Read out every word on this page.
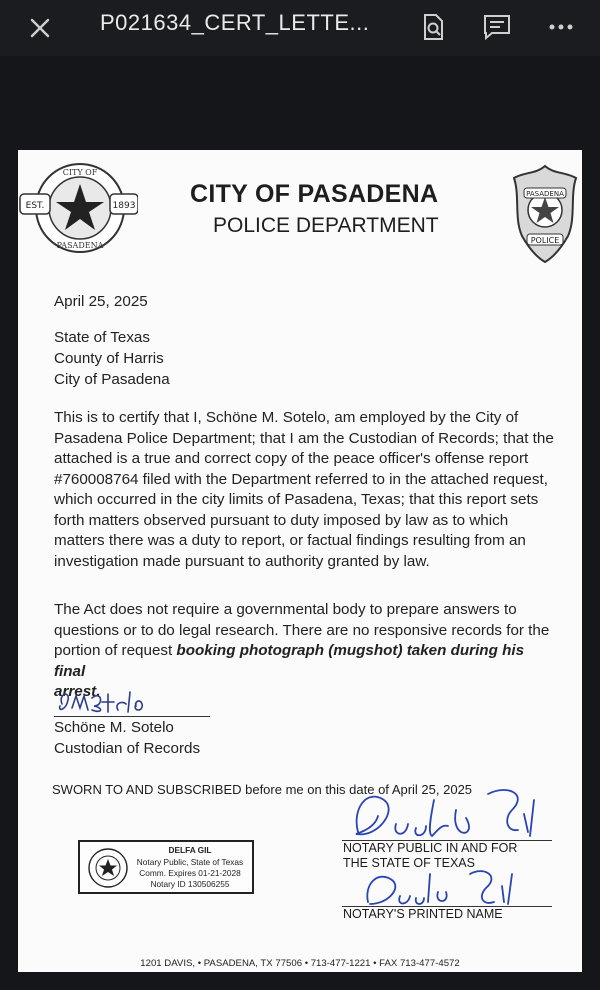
P021634_CERT_LETTE...
EST.	1893
CITY OF
PASADENA
CITY OF PASADENA
POLICE DEPARTMENT
PASADENA
POLICE
April 25, 2025
State of Texas
County of Harris
City of Pasadena
This is to certify that I, Schöne M. Sotelo, am employed by the City of
Pasadena Police Department; that I am the Custodian of Records; that the
attached is a true and correct copy of the peace officer's offense report
#760008764 filed with the Department referred to in the attached request,
which occurred in the city limits of Pasadena, Texas; that this report sets
forth matters observed pursuant to duty imposed by law as to which
matters there was a duty to report, or factual findings resulting from an
investigation made pursuant to authority granted by law.
The Act does not require a governmental body to prepare answers to
questions or to do legal research. There are no responsive records for the
portion of request booking photograph (mugshot) taken during his final
arrest.
Schöne M. Sotelo
Custodian of Records
SWORN TO AND SUBSCRIBED before me on this date of April 25, 2025
NOTARY PUBLIC IN AND FOR
THE STATE OF TEXAS
NOTARY'S PRINTED NAME
DELFA GIL
Notary Public, State of Texas
Comm. Expires 01-21-2028
Notary ID 130506255
1201 DAVIS, • PASADENA, TX 77506 • 713-477-1221 • FAX 713-477-4572
